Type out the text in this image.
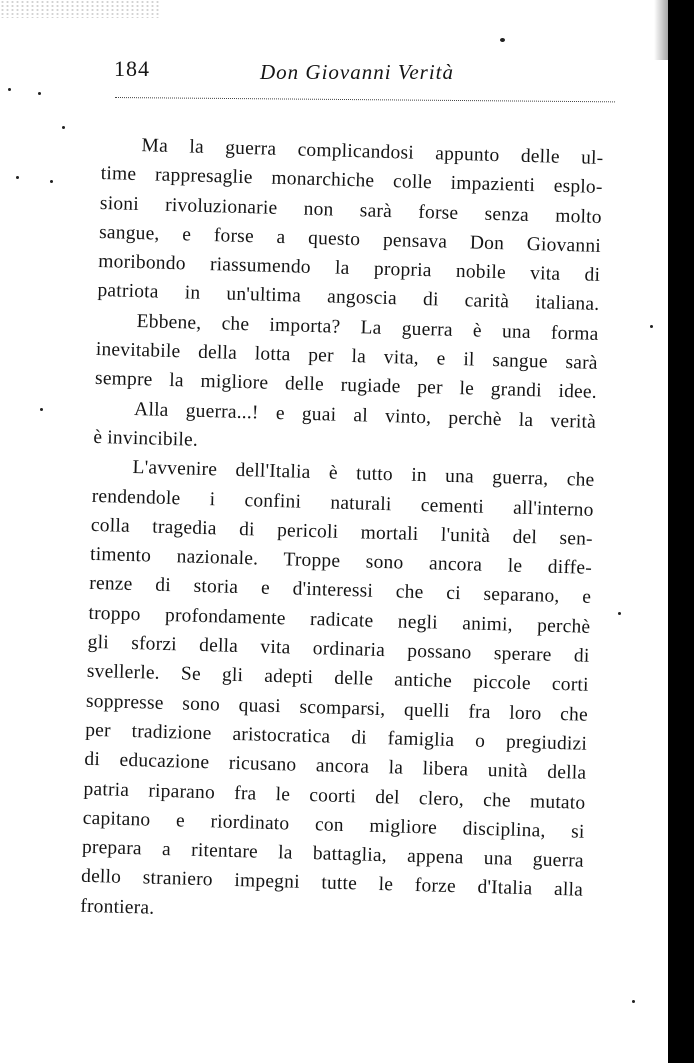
184	Don Giovanni Verità
Ma la guerra complicandosi appunto delle ul-
time rappresaglie monarchiche colle impazienti esplo-
sioni rivoluzionarie non sarà forse senza molto
sangue, e forse a questo pensava Don Giovanni
moribondo riassumendo la propria nobile vita di
patriota in un'ultima angoscia di carità italiana.
Ebbene, che importa? La guerra è una forma
inevitabile della lotta per la vita, e il sangue sarà
sempre la migliore delle rugiade per le grandi idee.
Alla guerra...! e guai al vinto, perchè la verità
è invincibile.
L'avvenire dell'Italia è tutto in una guerra, che
rendendole i confini naturali cementi all'interno
colla tragedia di pericoli mortali l'unità del sen-
timento nazionale. Troppe sono ancora le diffe-
renze di storia e d'interessi che ci separano, e
troppo profondamente radicate negli animi, perchè
gli sforzi della vita ordinaria possano sperare di
svellerle. Se gli adepti delle antiche piccole corti
soppresse sono quasi scomparsi, quelli fra loro che
per tradizione aristocratica di famiglia o pregiudizi
di educazione ricusano ancora la libera unità della
patria riparano fra le coorti del clero, che mutato
capitano e riordinato con migliore disciplina, si
prepara a ritentare la battaglia, appena una guerra
dello straniero impegni tutte le forze d'Italia alla
frontiera.
